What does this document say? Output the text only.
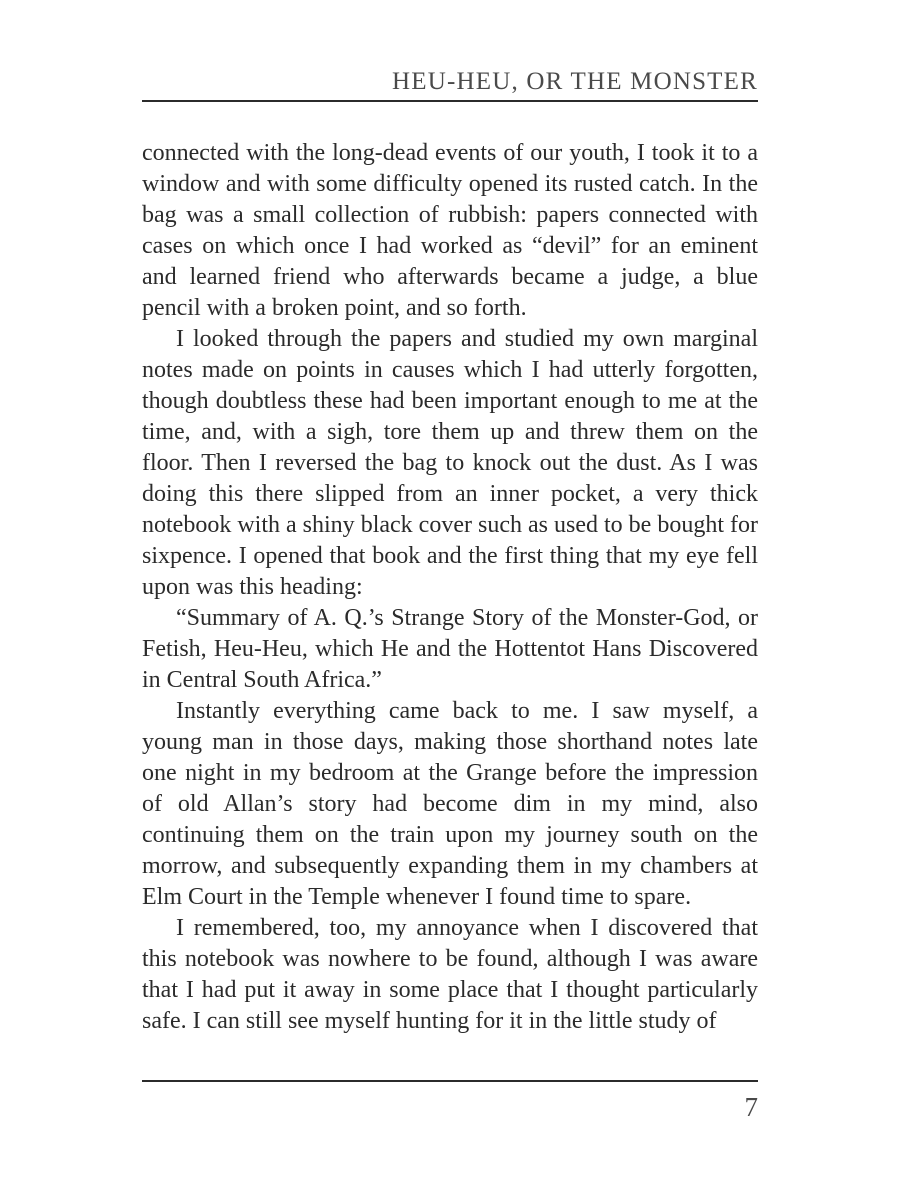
HEU-HEU, OR THE MONSTER

connected with the long-dead events of our youth, I took it to a window and with some difficulty opened its rusted catch. In the bag was a small collection of rubbish: papers connected with cases on which once I had worked as “devil” for an eminent and learned friend who afterwards became a judge, a blue pencil with a broken point, and so forth.

I looked through the papers and studied my own marginal notes made on points in causes which I had utterly forgotten, though doubtless these had been important enough to me at the time, and, with a sigh, tore them up and threw them on the floor. Then I reversed the bag to knock out the dust. As I was doing this there slipped from an inner pocket, a very thick notebook with a shiny black cover such as used to be bought for sixpence. I opened that book and the first thing that my eye fell upon was this heading:

“Summary of A. Q.’s Strange Story of the Monster-God, or Fetish, Heu-Heu, which He and the Hottentot Hans Discovered in Central South Africa.”

Instantly everything came back to me. I saw myself, a young man in those days, making those shorthand notes late one night in my bedroom at the Grange before the impression of old Allan’s story had become dim in my mind, also continuing them on the train upon my journey south on the morrow, and subsequently expanding them in my chambers at Elm Court in the Temple whenever I found time to spare.

I remembered, too, my annoyance when I discovered that this notebook was nowhere to be found, although I was aware that I had put it away in some place that I thought particularly safe. I can still see myself hunting for it in the little study of

7
